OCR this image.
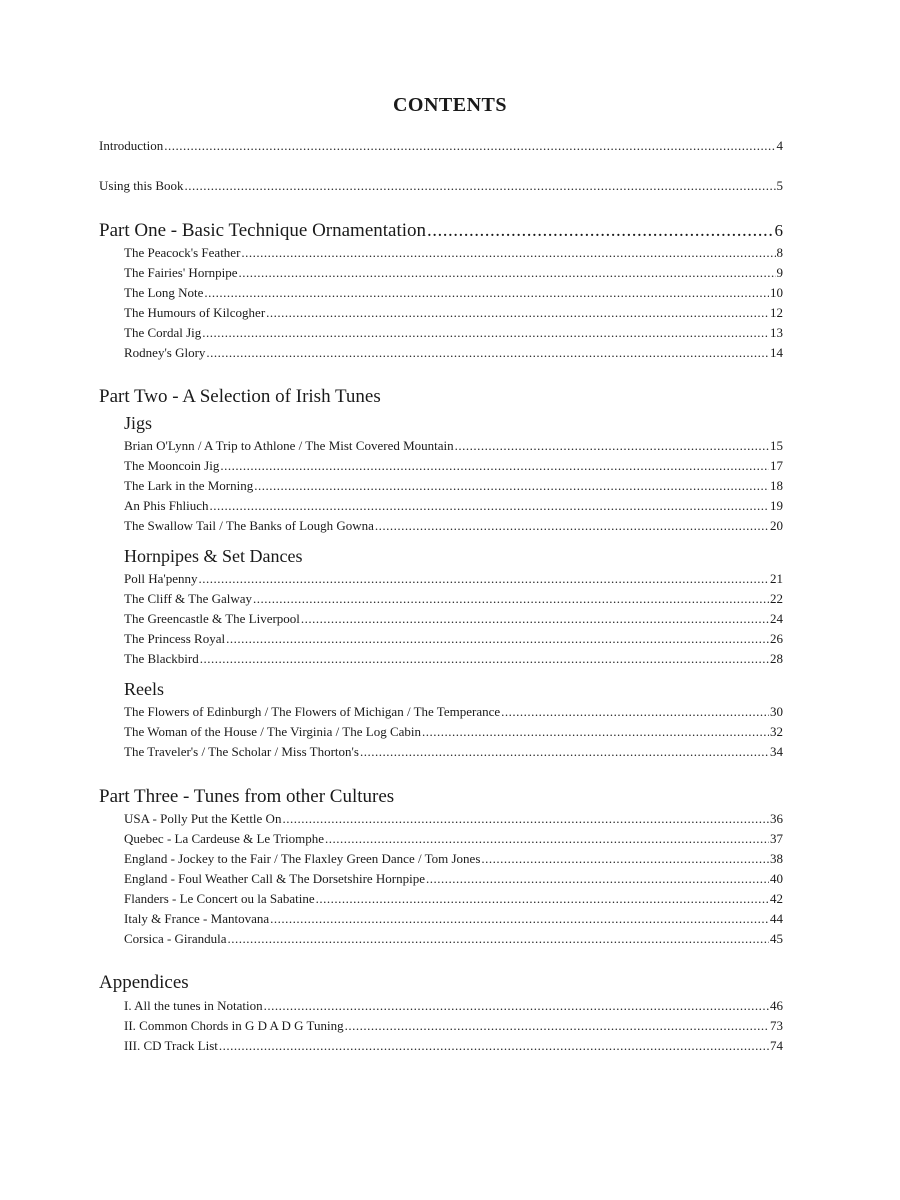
CONTENTS
Introduction .....	4
Using this Book .....	5
Part One - Basic Technique Ornamentation .....	6
The Peacock's Feather .....	8
The Fairies' Hornpipe .....	9
The Long Note .....	10
The Humours of Kilcogher .....	12
The Cordal Jig .....	13
Rodney's Glory .....	14
Part Two - A Selection of Irish Tunes
Jigs
Brian O'Lynn / A Trip to Athlone / The Mist Covered Mountain .....	15
The Mooncoin Jig .....	17
The Lark in the Morning .....	18
An Phis Fhliuch .....	19
The Swallow Tail / The Banks of Lough Gowna .....	20
Hornpipes & Set Dances
Poll Ha'penny .....	21
The Cliff & The Galway .....	22
The Greencastle & The Liverpool .....	24
The Princess Royal .....	26
The Blackbird .....	28
Reels
The Flowers of Edinburgh / The Flowers of Michigan / The Temperance .....	30
The Woman of the House / The Virginia / The Log Cabin .....	32
The Traveler's / The Scholar / Miss Thorton's .....	34
Part Three - Tunes from other Cultures
USA - Polly Put the Kettle On .....	36
Quebec - La Cardeuse & Le Triomphe .....	37
England - Jockey to the Fair / The Flaxley Green Dance / Tom Jones .....	38
England - Foul Weather Call & The Dorsetshire Hornpipe .....	40
Flanders - Le Concert ou la Sabatine .....	42
Italy & France - Mantovana .....	44
Corsica - Girandula .....	45
Appendices
I. All the tunes in Notation .....	46
II. Common Chords in G D A D G Tuning .....	73
III. CD Track List .....	74
